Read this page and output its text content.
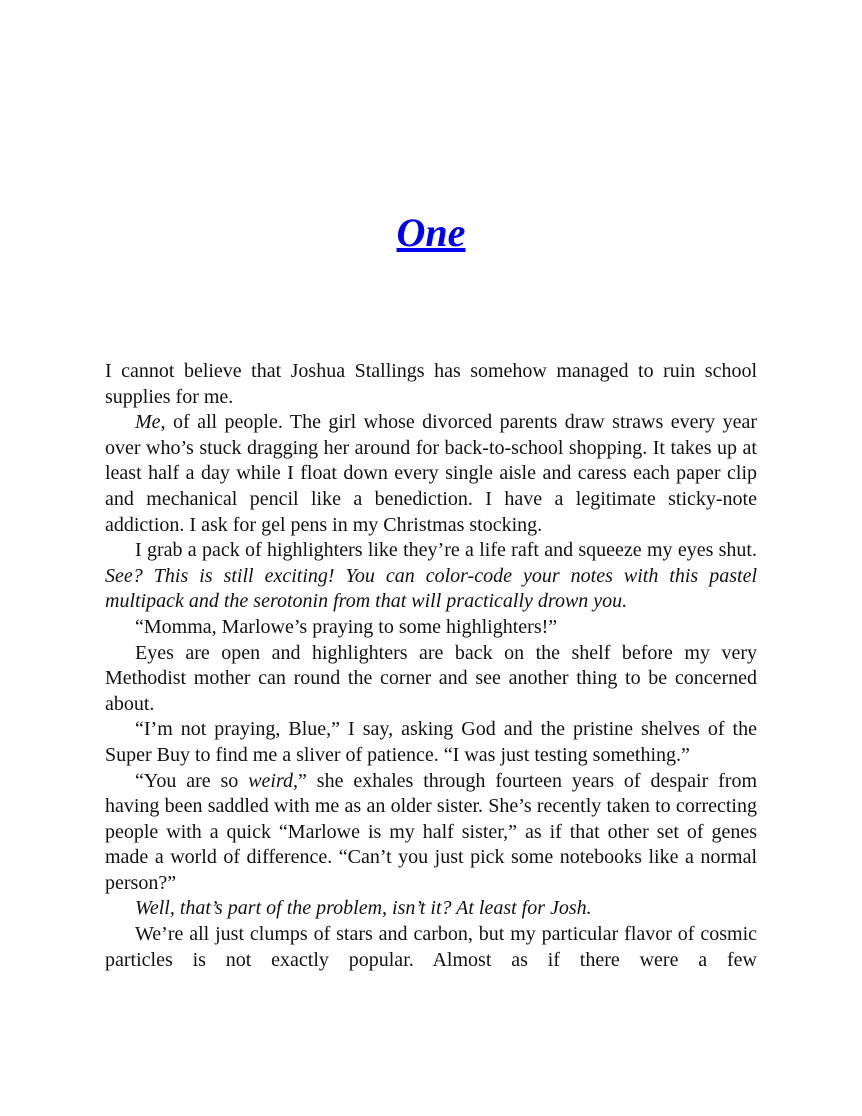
One

I cannot believe that Joshua Stallings has somehow managed to ruin school supplies for me.

Me, of all people. The girl whose divorced parents draw straws every year over who’s stuck dragging her around for back-to-school shopping. It takes up at least half a day while I float down every single aisle and caress each paper clip and mechanical pencil like a benediction. I have a legitimate sticky-note addiction. I ask for gel pens in my Christmas stocking.

I grab a pack of highlighters like they’re a life raft and squeeze my eyes shut. See? This is still exciting! You can color-code your notes with this pastel multipack and the serotonin from that will practically drown you.

“Momma, Marlowe’s praying to some highlighters!”

Eyes are open and highlighters are back on the shelf before my very Methodist mother can round the corner and see another thing to be concerned about.

“I’m not praying, Blue,” I say, asking God and the pristine shelves of the Super Buy to find me a sliver of patience. “I was just testing something.”

“You are so weird,” she exhales through fourteen years of despair from having been saddled with me as an older sister. She’s recently taken to correcting people with a quick “Marlowe is my half sister,” as if that other set of genes made a world of difference. “Can’t you just pick some notebooks like a normal person?”

Well, that’s part of the problem, isn’t it? At least for Josh.

We’re all just clumps of stars and carbon, but my particular flavor of cosmic particles is not exactly popular. Almost as if there were a few
